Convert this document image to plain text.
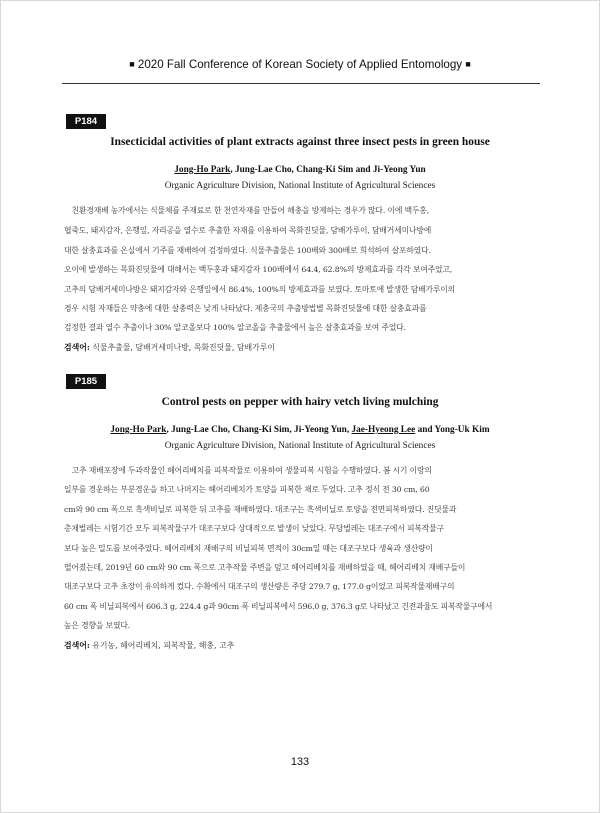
■ 2020 Fall Conference of Korean Society of Applied Entomology ■
P184
Insecticidal activities of plant extracts against three insect pests in green house
Jong-Ho Park, Jung-Lae Cho, Chang-Ki Sim and Ji-Yeong Yun
Organic Agriculture Division, National Institute of Agricultural Sciences
　친환경재배 농가에서는 식물체를 주재료로 한 천연자재를 만들어 해충을 방제하는 경우가 많다. 이에 백두홍,
협죽도, 돼지감자, 은행잎, 자리공을 열수로 추출한 자재를 이용하여 목화진딧물, 담배가루이, 담배거세미나방에
대한 살충효과를 온실에서 기주를 재배하여 검정하였다. 식물추출물은 100배와 300배로 희석하여 살포하였다.
오이에 발생하는 목화진딧물에 대해서는 백두홍과 돼지감자 100배에서 64.4, 62.8%의 방제효과를 각각 보여주었고,
고추의 담배거세미나방은 돼지감자와 은행잎에서 86.4%, 100%의 방제효과를 보였다. 토마토에 발생한 담배가루이의
경우 시험 자재들은 약충에 대한 살충력은 낮게 나타났다. 제충국의 추출방법별 목화진딧물에 대한 살충효과를
검정한 결과 열수 추출이나 30% 알코올보다 100% 알코올을 추출물에서 높은 살충효과를 보여 주었다.
검색어: 식물추출물, 담배거세미나방, 목화진딧물, 담배가루이
P185
Control pests on pepper with hairy vetch living mulching
Jong-Ho Park, Jung-Lae Cho, Chang-Ki Sim, Ji-Yeong Yun, Jae-Hyeong Lee and Yong-Uk Kim
Organic Agriculture Division, National Institute of Agricultural Sciences
　고추 재배포장에 두과작물인 헤어리베치를 피복작물로 이용하여 생물피복 시험을 수행하였다. 봄 시기 이랑의
일부를 경운하는 부분경운을 하고 나머지는 헤어리베치가 토양을 피복한 채로 두었다. 고추 정식 전 30 cm, 60
cm와 90 cm 폭으로 흑색비닐로 피복한 뒤 고추를 재배하였다. 대조구는 흑색비닐로 토양을 전면피복하였다. 진딧물과
총채벌레는 시험기간 모두 피복작물구가 대조구보다 상대적으로 발생이 낮았다. 무당벌레는 대조구에서 피복작물구
보다 높은 밀도를 보여주었다. 헤어리베치 재배구의 비닐피복 면적이 30cm일 때는 대조구보다 생육과 생산량이
떨어졌는데, 2019년 60 cm와 90 cm 폭으로 고추작물 주변을 덮고 헤어리베치를 재배하였을 때, 헤어리베치 재배구들이
대조구보다 고추 초장이 유의하게 컸다. 수확에서 대조구의 생산량은 주당 279.7 g, 177.0 g이었고 피복작물재배구의
60 cm 폭 비닐피복에서 606.3 g, 224.4 g과 90cm 폭 비닐피복에서 596.0 g, 376.3 g로 나타났고 건전과율도 피복작물구에서
높은 경향을 보였다.
검색어: 유기농, 헤어리베치, 피복작물, 해충, 고추
133
